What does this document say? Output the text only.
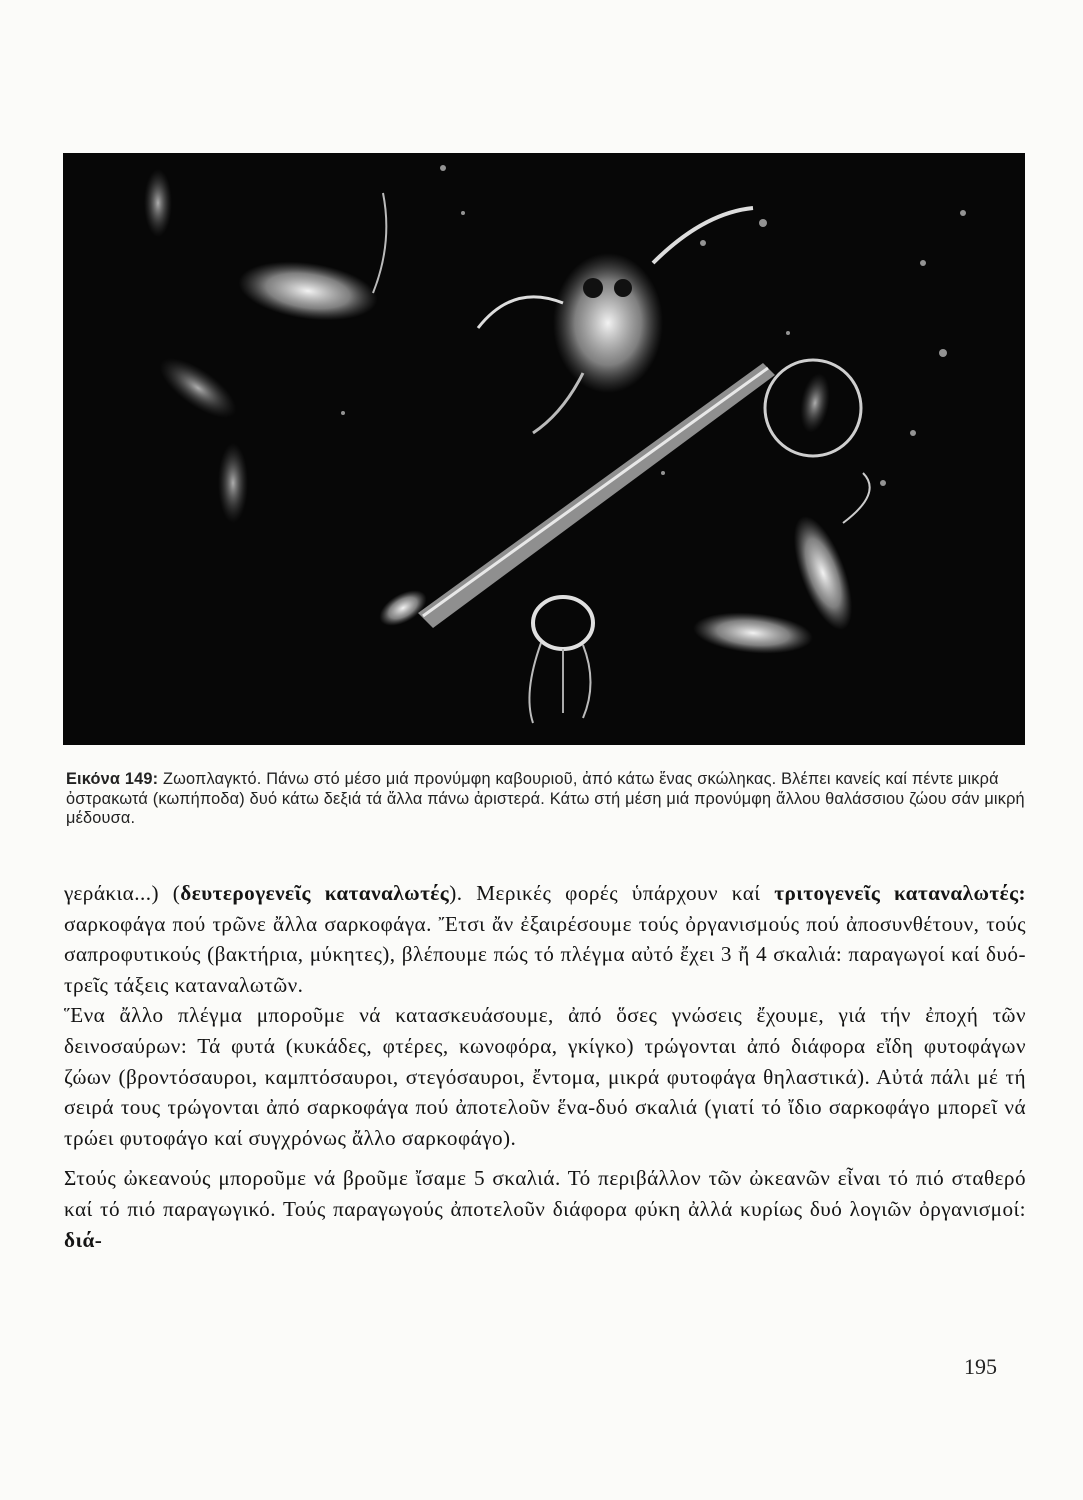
Εικόνα 149: Ζωοπλαγκτό. Πάνω στό μέσο μιά προνύμφη καβουριοῦ, ἀπό κάτω ἕνας σκώληκας. Βλέπει κανείς καί πέντε μικρά ὀστρακωτά (κωπήποδα) δυό κάτω δεξιά τά ἄλλα πάνω ἀριστερά. Κάτω στή μέση μιά προνύμφη ἄλλου θαλάσσιου ζώου σάν μικρή μέδουσα.

γεράκια...) (δευτερογενεῖς καταναλωτές). Μερικές φορές ὑπάρχουν καί τριτογενεῖς καταναλωτές: σαρκοφάγα πού τρῶνε ἄλλα σαρκοφάγα. Ἔτσι ἄν ἐξαιρέσουμε τούς ὀργανισμούς πού ἀποσυνθέτουν, τούς σαπροφυτικούς (βακτήρια, μύκητες), βλέπουμε πώς τό πλέγμα αὐτό ἔχει 3 ἤ 4 σκαλιά: παραγωγοί καί δυό-τρεῖς τάξεις καταναλωτῶν.

Ἕνα ἄλλο πλέγμα μποροῦμε νά κατασκευάσουμε, ἀπό ὅσες γνώσεις ἔχουμε, γιά τήν ἐποχή τῶν δεινοσαύρων: Τά φυτά (κυκάδες, φτέρες, κωνοφόρα, γκίγκο) τρώγονται ἀπό διάφορα εἴδη φυτοφάγων ζώων (βροντόσαυροι, καμπτόσαυροι, στεγόσαυροι, ἔντομα, μικρά φυτοφάγα θηλαστικά). Αὐτά πάλι μέ τή σειρά τους τρώγονται ἀπό σαρκοφάγα πού ἀποτελοῦν ἕνα-δυό σκαλιά (γιατί τό ἴδιο σαρκοφάγο μπορεῖ νά τρώει φυτοφάγο καί συγχρόνως ἄλλο σαρκοφάγο).

Στούς ὠκεανούς μποροῦμε νά βροῦμε ἴσαμε 5 σκαλιά. Τό περιβάλλον τῶν ὠκεανῶν εἶναι τό πιό σταθερό καί τό πιό παραγωγικό. Τούς παραγωγούς ἀποτελοῦν διάφορα φύκη ἀλλά κυρίως δυό λογιῶν ὀργανισμοί: διά-

195
